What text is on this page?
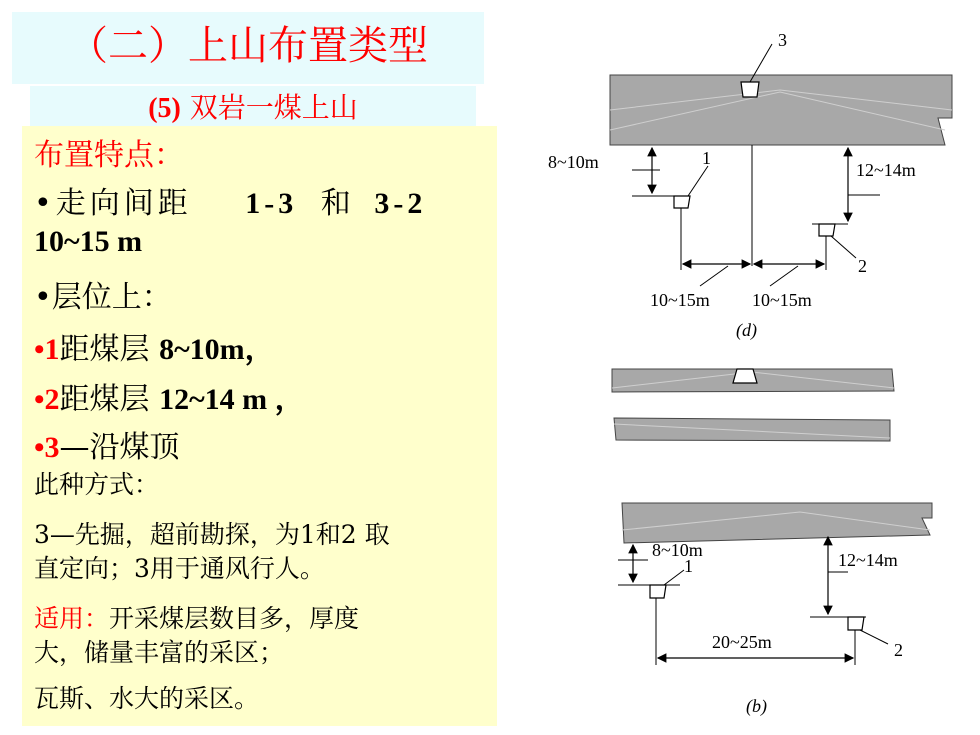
（二）上山布置类型
(5) 双岩一煤上山
布置特点：
•走向间距 1-3 和 3-2
10~15 m
•层位上：
•1距煤层 8~10m，
•2距煤层 12~14 m ，
•3—沿煤顶
此种方式：
3—先掘，超前勘探，为1和2 取
直定向；3用于通风行人。
适用：开采煤层数目多，厚度
大，储量丰富的采区；
瓦斯、水大的采区。
3
1
8~10m
2
12~14m
10~15m 10~15m
(d)
1
8~10m
2
12~14m
20~25m
(b)
